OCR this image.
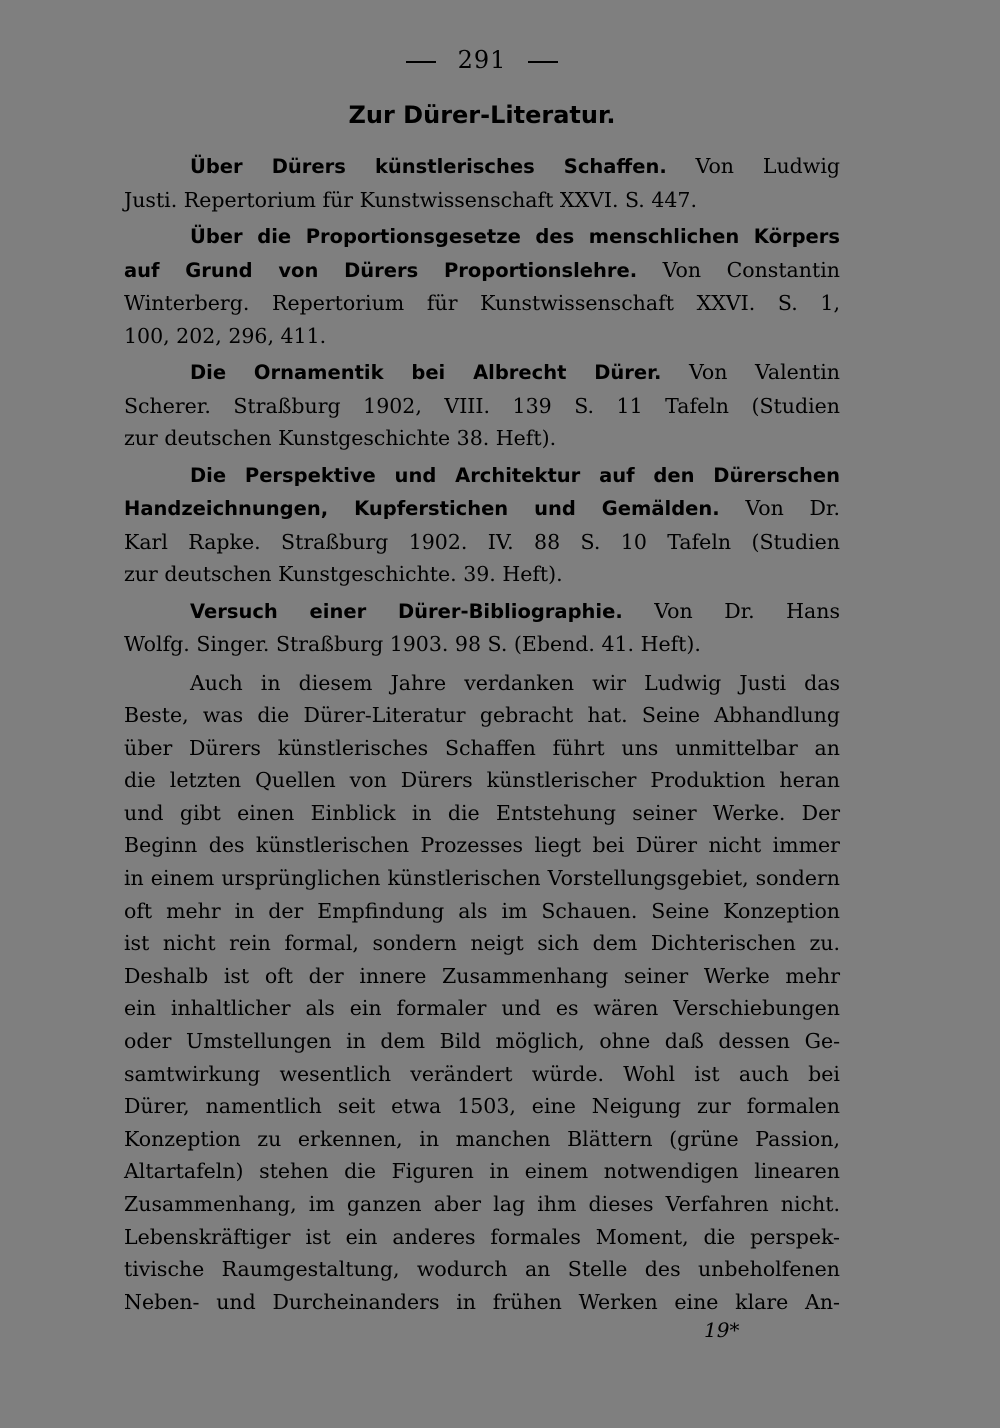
291
Zur Dürer-Literatur.
Über Dürers künstlerisches Schaffen. Von Ludwig
Justi. Repertorium für Kunstwissenschaft XXVI. S. 447.
Über die Proportionsgesetze des menschlichen Körpers
auf Grund von Dürers Proportionslehre. Von Constantin
Winterberg. Repertorium für Kunstwissenschaft XXVI. S. 1,
100, 202, 296, 411.
Die Ornamentik bei Albrecht Dürer. Von Valentin
Scherer. Straßburg 1902, VIII. 139 S. 11 Tafeln (Studien
zur deutschen Kunstgeschichte 38. Heft).
Die Perspektive und Architektur auf den Dürerschen
Handzeichnungen, Kupferstichen und Gemälden. Von Dr.
Karl Rapke. Straßburg 1902. IV. 88 S. 10 Tafeln (Studien
zur deutschen Kunstgeschichte. 39. Heft).
Versuch einer Dürer-Bibliographie. Von Dr. Hans
Wolfg. Singer. Straßburg 1903. 98 S. (Ebend. 41. Heft).
Auch in diesem Jahre verdanken wir Ludwig Justi das
Beste, was die Dürer-Literatur gebracht hat. Seine Abhandlung
über Dürers künstlerisches Schaffen führt uns unmittelbar an
die letzten Quellen von Dürers künstlerischer Produktion heran
und gibt einen Einblick in die Entstehung seiner Werke. Der
Beginn des künstlerischen Prozesses liegt bei Dürer nicht immer
in einem ursprünglichen künstlerischen Vorstellungsgebiet, sondern
oft mehr in der Empfindung als im Schauen. Seine Konzeption
ist nicht rein formal, sondern neigt sich dem Dichterischen zu.
Deshalb ist oft der innere Zusammenhang seiner Werke mehr
ein inhaltlicher als ein formaler und es wären Verschiebungen
oder Umstellungen in dem Bild möglich, ohne daß dessen Ge-
samtwirkung wesentlich verändert würde. Wohl ist auch bei
Dürer, namentlich seit etwa 1503, eine Neigung zur formalen
Konzeption zu erkennen, in manchen Blättern (grüne Passion,
Altartafeln) stehen die Figuren in einem notwendigen linearen
Zusammenhang, im ganzen aber lag ihm dieses Verfahren nicht.
Lebenskräftiger ist ein anderes formales Moment, die perspek-
tivische Raumgestaltung, wodurch an Stelle des unbeholfenen
Neben- und Durcheinanders in frühen Werken eine klare An-
19*
